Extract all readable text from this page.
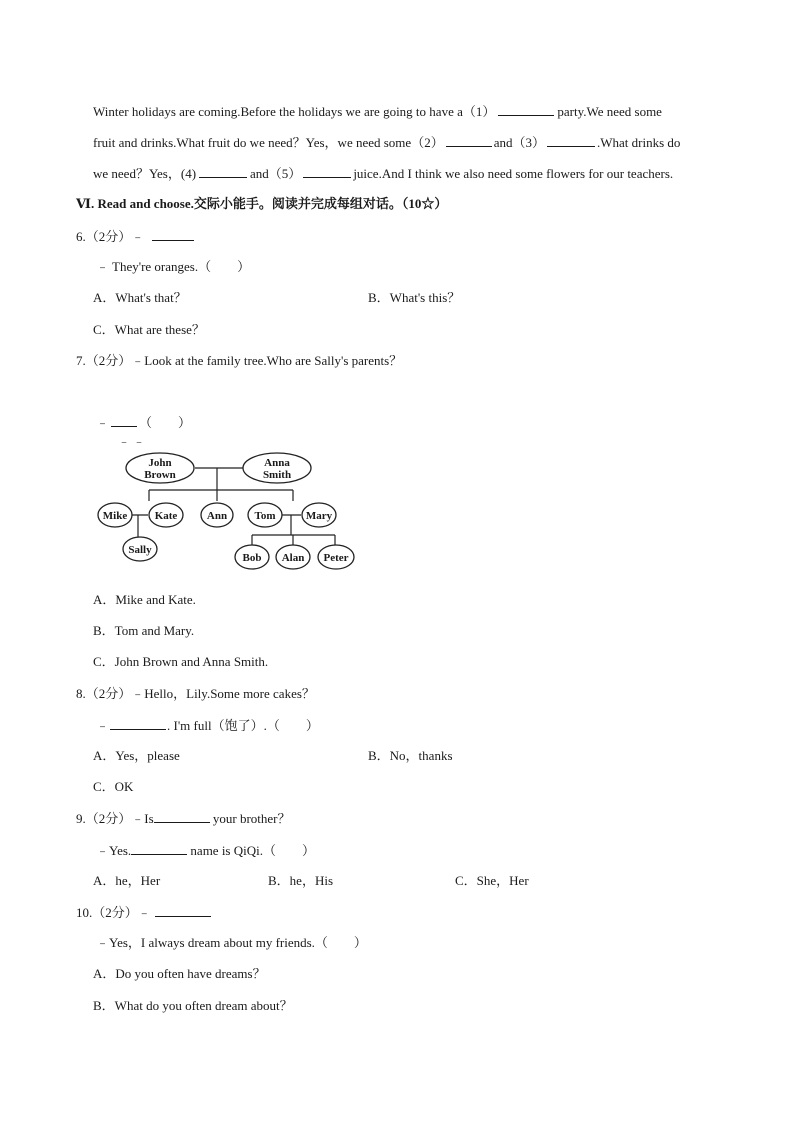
Winter holidays are coming.Before the holidays we are going to have a（1）	party.We need some
fruit and drinks.What fruit do we need？Yes，we need some（2）	and（3）	.What drinks do
we need？Yes，(4)	and（5）	juice.And I think we also need some flowers for our teachers.
Ⅵ. Read and choose.交际小能手。阅读并完成每组对话。（10☆）
6.（2分）﹣
﹣ They're oranges.（　　）
A．What's that？	B．What's this？
C．What are these？
7.（2分）﹣Look at the family tree.Who are Sally's parents？
﹣ （　　）
﹣ ﹣
John
Brown
Anna
Smith
Mike Kate	Ann Tom	Mary
Sally
Bob Alan Peter
A．Mike and Kate.
B．Tom and Mary.
C．John Brown and Anna Smith.
8.（2分）﹣Hello，Lily.Some more cakes？
﹣	. I'm full（饱了）.（　　）
A．Yes，please	B．No，thanks
C．OK
9.（2分）﹣Is	your brother？
﹣Yes.	name is QiQi.（　　）
A．he，Her	B．he，His	C．She，Her
10.（2分）﹣
﹣Yes，I always dream about my friends.（　　）
A．Do you often have dreams？
B．What do you often dream about？
